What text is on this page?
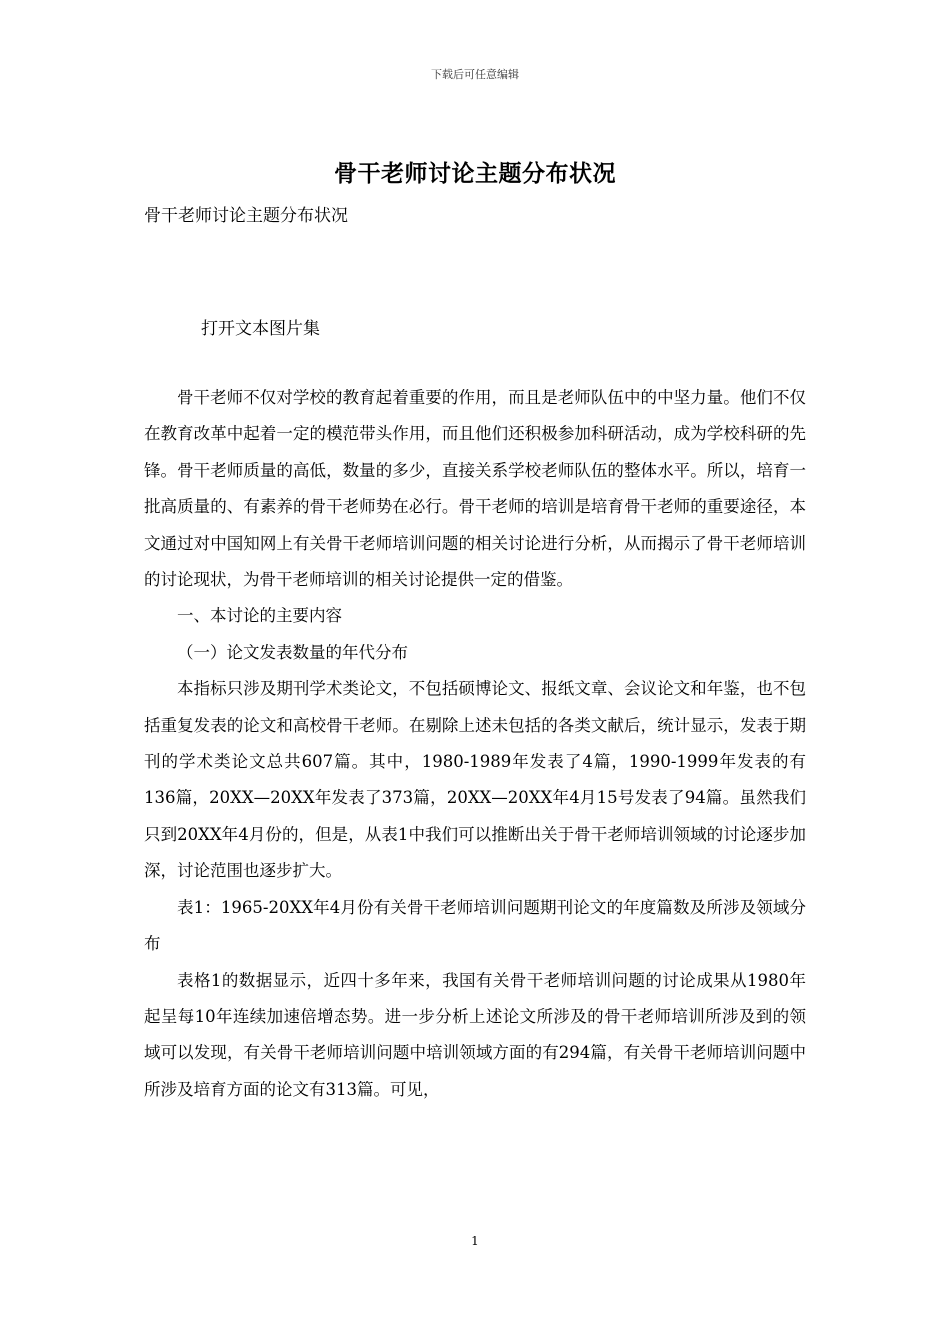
下载后可任意编辑
骨干老师讨论主题分布状况
骨干老师讨论主题分布状况
打开文本图片集

骨干老师不仅对学校的教育起着重要的作用，而且是老师队伍中的中坚力量。他们不仅在教育改革中起着一定的模范带头作用，而且他们还积极参加科研活动，成为学校科研的先锋。骨干老师质量的高低，数量的多少，直接关系学校老师队伍的整体水平。所以，培育一批高质量的、有素养的骨干老师势在必行。骨干老师的培训是培育骨干老师的重要途径，本文通过对中国知网上有关骨干老师培训问题的相关讨论进行分析，从而揭示了骨干老师培训的讨论现状，为骨干老师培训的相关讨论提供一定的借鉴。

一、本讨论的主要内容

（一）论文发表数量的年代分布

本指标只涉及期刊学术类论文，不包括硕博论文、报纸文章、会议论文和年鉴，也不包括重复发表的论文和高校骨干老师。在剔除上述未包括的各类文献后，统计显示，发表于期刊的学术类论文总共607篇。其中，1980-1989年发表了4篇，1990-1999年发表的有136篇，20XX—20XX年发表了373篇，20XX—20XX年4月15号发表了94篇。虽然我们只到20XX年4月份的，但是，从表1中我们可以推断出关于骨干老师培训领域的讨论逐步加深，讨论范围也逐步扩大。

表1：1965-20XX年4月份有关骨干老师培训问题期刊论文的年度篇数及所涉及领域分布

表格1的数据显示，近四十多年来，我国有关骨干老师培训问题的讨论成果从1980年起呈每10年连续加速倍增态势。进一步分析上述论文所涉及的骨干老师培训所涉及到的领域可以发现，有关骨干老师培训问题中培训领域方面的有294篇，有关骨干老师培训问题中所涉及培育方面的论文有313篇。可见，

1
